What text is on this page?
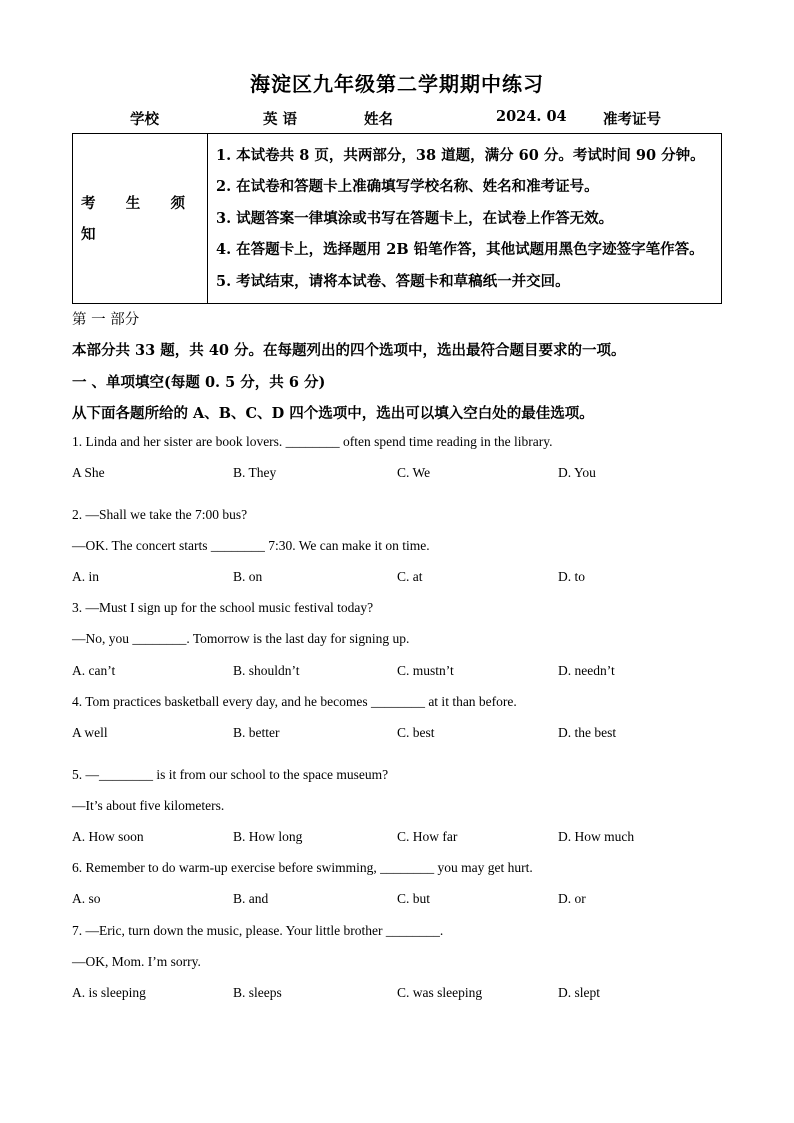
海淀区九年级第二学期期中练习
学校	英 语	姓名	2024. 04	准考证号
考 生 须
知

1. 本试卷共 8 页，共两部分，38 道题，满分 60 分。考试时间 90 分钟。
2. 在试卷和答题卡上准确填写学校名称、姓名和准考证号。
3. 试题答案一律填涂或书写在答题卡上，在试卷上作答无效。
4. 在答题卡上，选择题用 2B 铅笔作答，其他试题用黑色字迹签字笔作答。
5. 考试结束，请将本试卷、答题卡和草稿纸一并交回。
第 一 部分
本部分共 33 题，共 40 分。在每题列出的四个选项中，选出最符合题目要求的一项。
一 、单项填空(每题 0. 5 分，共 6 分)
从下面各题所给的 A、B、C、D 四个选项中，选出可以填入空白处的最佳选项。
1. Linda and her sister are book lovers. ________ often spend time reading in the library.
A She	B. They	C. We	D. You
2. —Shall we take the 7:00 bus?
—OK. The concert starts ________ 7:30. We can make it on time.
A. in	B. on	C. at	D. to
3. —Must I sign up for the school music festival today?
—No, you ________. Tomorrow is the last day for signing up.
A. can’t	B. shouldn’t	C. mustn’t	D. needn’t
4. Tom practices basketball every day, and he becomes ________ at it than before.
A well	B. better	C. best	D. the best
5. —________ is it from our school to the space museum?
—It’s about five kilometers.
A. How soon	B. How long	C. How far	D. How much
6. Remember to do warm-up exercise before swimming, ________ you may get hurt.
A. so	B. and	C. but	D. or
7. —Eric, turn down the music, please. Your little brother ________.
—OK, Mom. I’m sorry.
A. is sleeping	B. sleeps	C. was sleeping	D. slept
